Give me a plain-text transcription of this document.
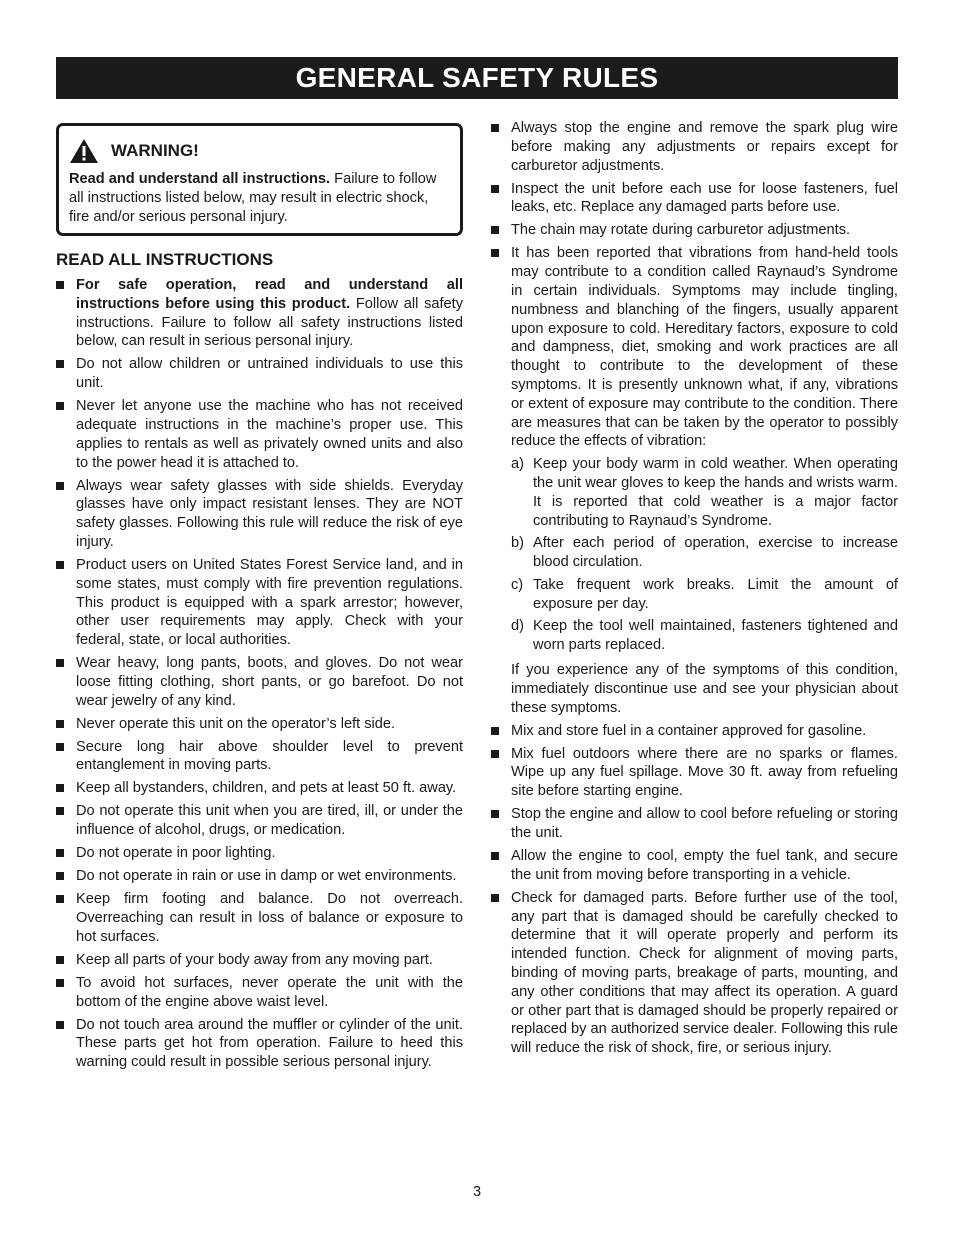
GENERAL SAFETY RULES
WARNING!
Read and understand all instructions. Failure to follow all instructions listed below, may result in electric shock, fire and/or serious personal injury.
READ ALL INSTRUCTIONS
For safe operation, read and understand all instructions before using this product. Follow all safety instructions. Failure to follow all safety instructions listed below, can result in serious personal injury.
Do not allow children or untrained individuals to use this unit.
Never let anyone use the machine who has not received adequate instructions in the machine’s proper use. This applies to rentals as well as privately owned units and also to the power head it is attached to.
Always wear safety glasses with side shields. Everyday glasses have only impact resistant lenses. They are NOT safety glasses. Following this rule will reduce the risk of eye injury.
Product users on United States Forest Service land, and in some states, must comply with fire prevention regulations. This product is equipped with a spark arrestor; however, other user requirements may apply. Check with your federal, state, or local authorities.
Wear heavy, long pants, boots, and gloves. Do not wear loose fitting clothing, short pants, or go barefoot. Do not wear jewelry of any kind.
Never operate this unit on the operator’s left side.
Secure long hair above shoulder level to prevent entanglement in moving parts.
Keep all bystanders, children, and pets at least 50 ft. away.
Do not operate this unit when you are tired, ill, or under the influence of alcohol, drugs, or medication.
Do not operate in poor lighting.
Do not operate in rain or use in damp or wet environments.
Keep firm footing and balance. Do not overreach. Overreaching can result in loss of balance or exposure to hot surfaces.
Keep all parts of your body away from any moving part.
To avoid hot surfaces, never operate the unit with the bottom of the engine above waist level.
Do not touch area around the muffler or cylinder of the unit. These parts get hot from operation. Failure to heed this warning could result in possible serious personal injury.
Always stop the engine and remove the spark plug wire before making any adjustments or repairs except for carburetor adjustments.
Inspect the unit before each use for loose fasteners, fuel leaks, etc. Replace any damaged parts before use.
The chain may rotate during carburetor adjustments.
It has been reported that vibrations from hand-held tools may contribute to a condition called Raynaud’s Syndrome in certain individuals. Symptoms may include tingling, numbness and blanching of the fingers, usually apparent upon exposure to cold. Hereditary factors, exposure to cold and dampness, diet, smoking and work practices are all thought to contribute to the development of these symptoms. It is presently unknown what, if any, vibrations or extent of exposure may contribute to the condition. There are measures that can be taken by the operator to possibly reduce the effects of vibration:
a) Keep your body warm in cold weather. When operating the unit wear gloves to keep the hands and wrists warm. It is reported that cold weather is a major factor contributing to Raynaud’s Syndrome.
b) After each period of operation, exercise to increase blood circulation.
c) Take frequent work breaks. Limit the amount of exposure per day.
d) Keep the tool well maintained, fasteners tightened and worn parts replaced.
If you experience any of the symptoms of this condition, immediately discontinue use and see your physician about these symptoms.
Mix and store fuel in a container approved for gasoline.
Mix fuel outdoors where there are no sparks or flames. Wipe up any fuel spillage. Move 30 ft. away from refueling site before starting engine.
Stop the engine and allow to cool before refueling or storing the unit.
Allow the engine to cool, empty the fuel tank, and secure the unit from moving before transporting in a vehicle.
Check for damaged parts. Before further use of the tool, any part that is damaged should be carefully checked to determine that it will operate properly and perform its intended function. Check for alignment of moving parts, binding of moving parts, breakage of parts, mounting, and any other conditions that may affect its operation. A guard or other part that is damaged should be properly repaired or replaced by an authorized service dealer. Following this rule will reduce the risk of shock, fire, or serious injury.
3
